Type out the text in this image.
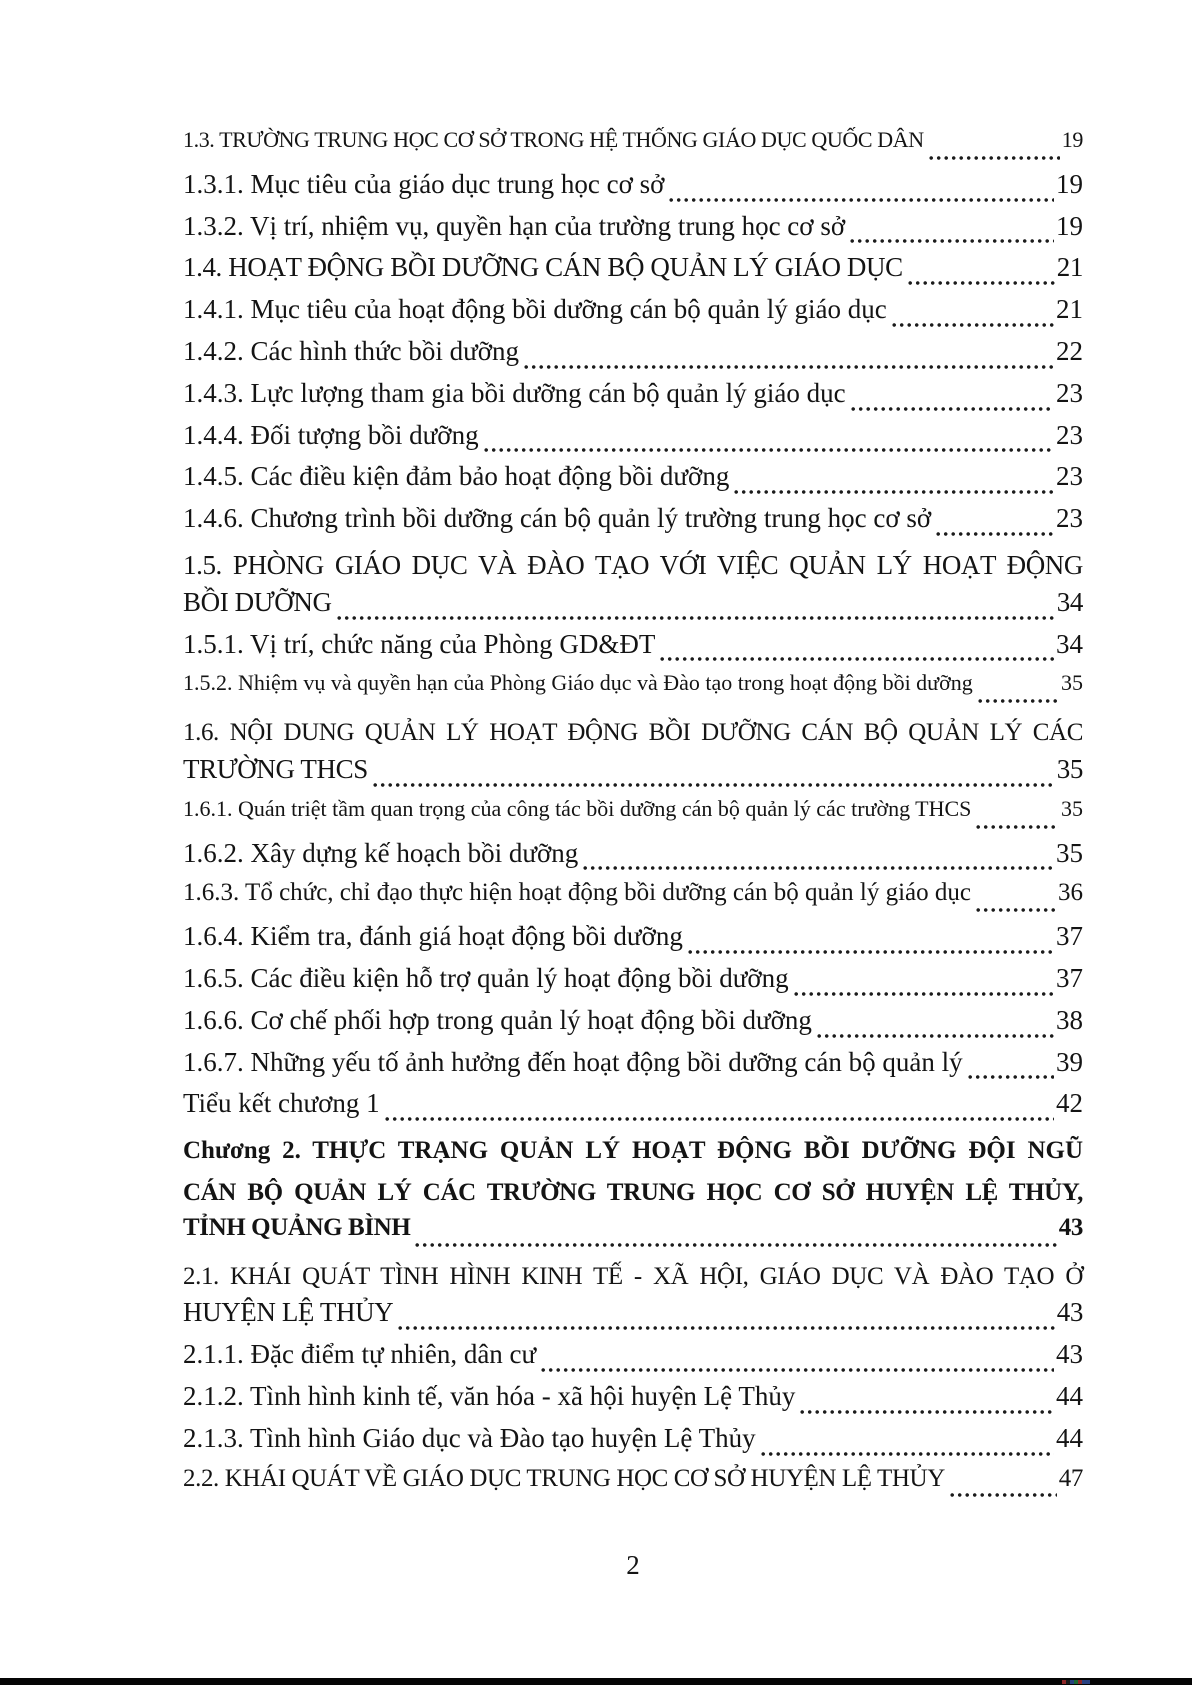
1.3. TRƯỜNG TRUNG HỌC CƠ SỞ TRONG HỆ THỐNG GIÁO DỤC QUỐC DÂN	19
1.3.1. Mục tiêu của giáo dục trung học cơ sở	19
1.3.2. Vị trí, nhiệm vụ, quyền hạn của trường trung học cơ sở	19
1.4. HOẠT ĐỘNG BỒI DƯỠNG CÁN BỘ QUẢN LÝ GIÁO DỤC	21
1.4.1. Mục tiêu của hoạt động bồi dưỡng cán bộ quản lý giáo dục	21
1.4.2. Các hình thức bồi dưỡng	22
1.4.3. Lực lượng tham gia bồi dưỡng cán bộ quản lý giáo dục	23
1.4.4. Đối tượng bồi dưỡng	23
1.4.5. Các điều kiện đảm bảo hoạt động bồi dưỡng	23
1.4.6. Chương trình bồi dưỡng cán bộ quản lý trường trung học cơ sở	23
1.5. PHÒNG GIÁO DỤC VÀ ĐÀO TẠO VỚI VIỆC QUẢN LÝ HOẠT ĐỘNG
BỒI DƯỠNG	34
1.5.1. Vị trí, chức năng của Phòng GD&ĐT	34
1.5.2. Nhiệm vụ và quyền hạn của Phòng Giáo dục và Đào tạo trong hoạt động bồi dưỡng	35
1.6. NỘI DUNG QUẢN LÝ HOẠT ĐỘNG BỒI DƯỠNG CÁN BỘ QUẢN LÝ CÁC
TRƯỜNG THCS	35
1.6.1. Quán triệt tầm quan trọng của công tác bồi dưỡng cán bộ quản lý các trường THCS	35
1.6.2. Xây dựng kế hoạch bồi dưỡng	35
1.6.3. Tổ chức, chỉ đạo thực hiện hoạt động bồi dưỡng cán bộ quản lý giáo dục	36
1.6.4. Kiểm tra, đánh giá hoạt động bồi dưỡng	37
1.6.5. Các điều kiện hỗ trợ quản lý hoạt động bồi dưỡng	37
1.6.6. Cơ chế phối hợp trong quản lý hoạt động bồi dưỡng	38
1.6.7. Những yếu tố ảnh hưởng đến hoạt động bồi dưỡng cán bộ quản lý	39
Tiểu kết chương 1	42
Chương 2. THỰC TRẠNG QUẢN LÝ HOẠT ĐỘNG BỒI DƯỠNG ĐỘI NGŨ
CÁN BỘ QUẢN LÝ CÁC TRƯỜNG TRUNG HỌC CƠ SỞ HUYỆN LỆ THỦY,
TỈNH QUẢNG BÌNH	43
2.1. KHÁI QUÁT TÌNH HÌNH KINH TẾ - XÃ HỘI, GIÁO DỤC VÀ ĐÀO TẠO Ở
HUYỆN LỆ THỦY	43
2.1.1. Đặc điểm tự nhiên, dân cư	43
2.1.2. Tình hình kinh tế, văn hóa - xã hội huyện Lệ Thủy	44
2.1.3. Tình hình Giáo dục và Đào tạo huyện Lệ Thủy	44
2.2. KHÁI QUÁT VỀ GIÁO DỤC TRUNG HỌC CƠ SỞ HUYỆN LỆ THỦY	47
2
